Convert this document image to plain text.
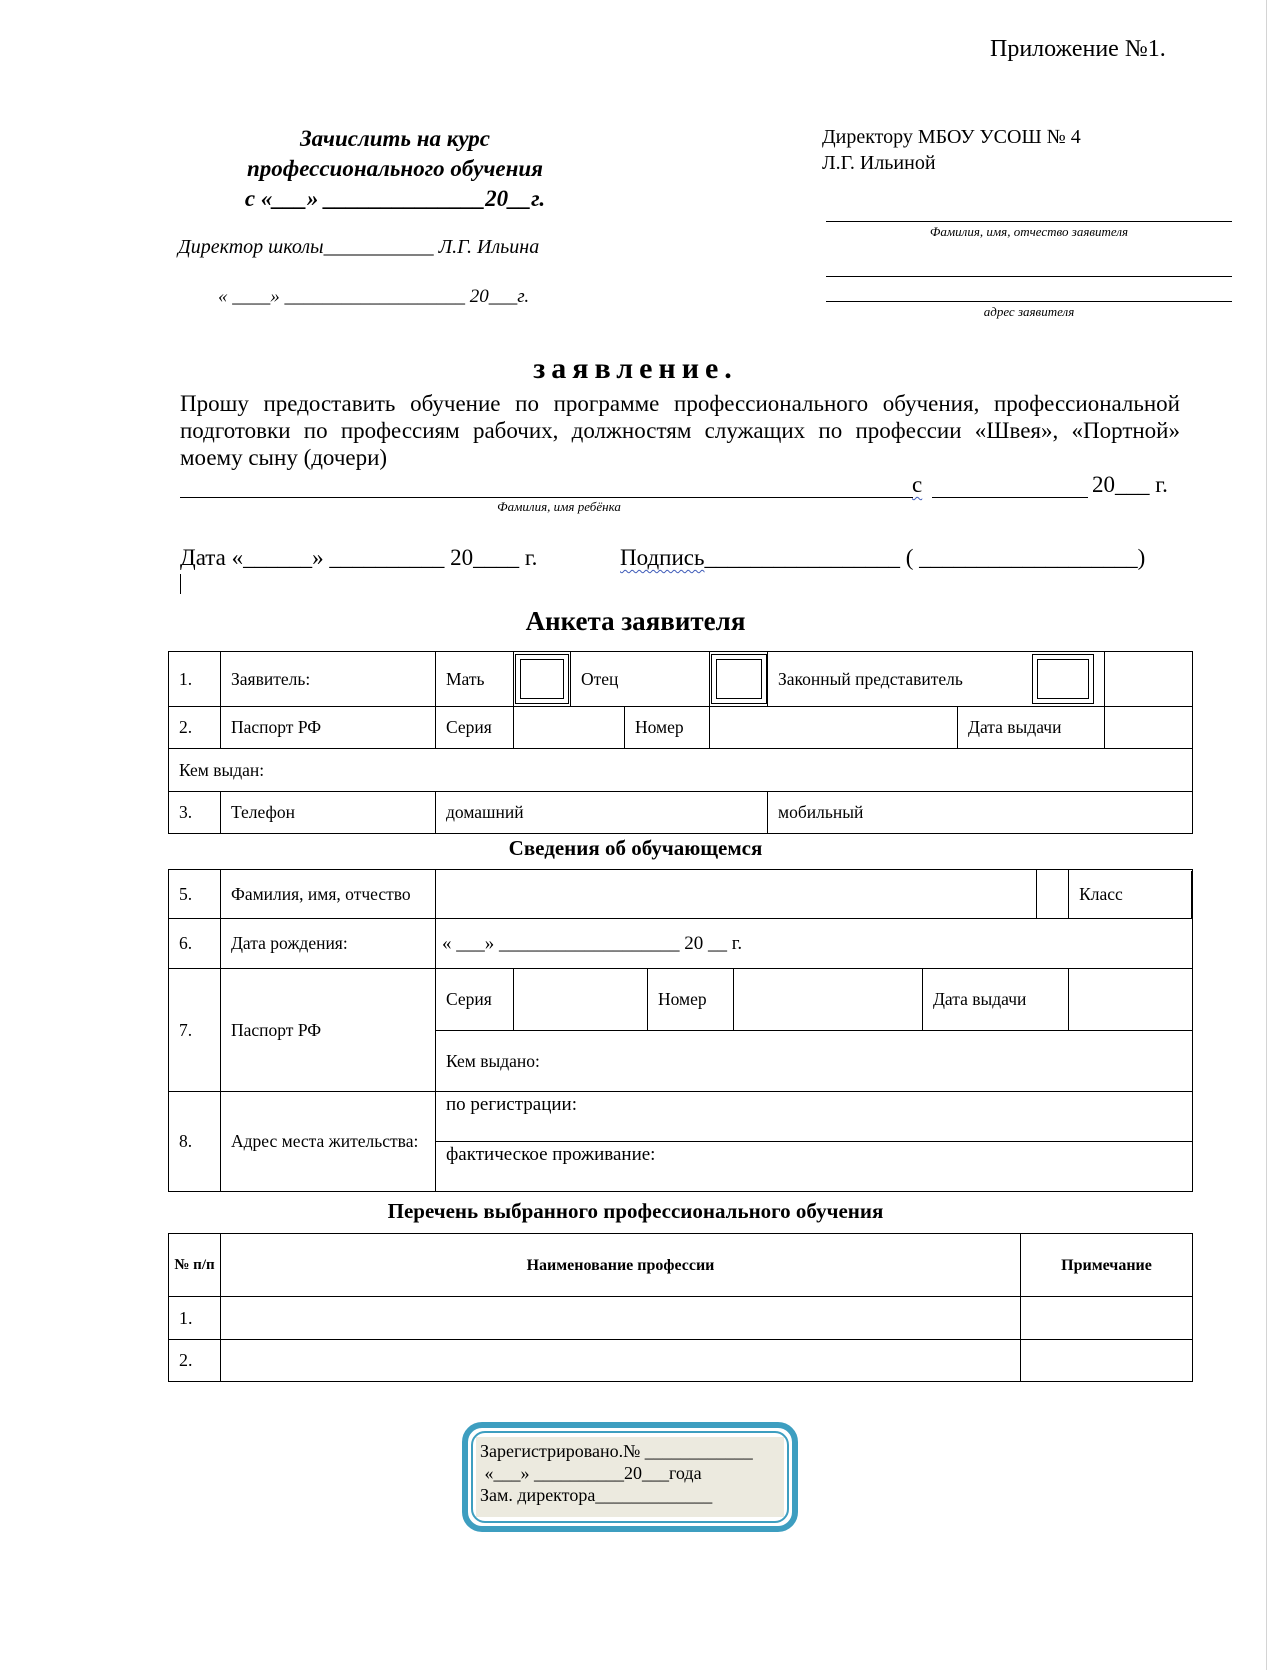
Приложение №1.
Зачислить на курс
профессионального обучения
с «___» ______________20__г.
Директор школы___________ Л.Г. Ильина
« ____» ___________________ 20___г.
Директору МБОУ УСОШ № 4
Л.Г. Ильиной
Фамилия, имя, отчество заявителя
адрес заявителя
заявление.
Прошу предоставить обучение по программе профессионального обучения, профессиональной подготовки по профессиям рабочих, должностям служащих по профессии «Швея», «Портной» моему сыну (дочери)
с	20___ г.
Фамилия, имя ребёнка
Дата «______» __________ 20____ г.	Подпись_________________ ( ___________________)
Анкета заявителя
1.	Заявитель:	Мать		Отец			Законный представитель		

2.	Паспорт РФ	Серия			Номер			Дата выдачи	
Кем выдан:									
3.	Телефон	домашний					мобильный		
Сведения об обучающемся
5.	Фамилия, имя, отчество							Класс

6.	Дата рождения:	« ___» ___________________ 20 __ г.						
7.	Паспорт РФ	Серия		Номер		Дата выдачи		
		Кем выдано:						
8.	Адрес места жительства:	по регистрации:						
		фактическое проживание:						
Перечень выбранного профессионального обучения
№ п/п	Наименование профессии	Примечание
1.		
2.		
Зарегистрировано.№ ____________
«___» __________20___года
Зам. директора_____________
